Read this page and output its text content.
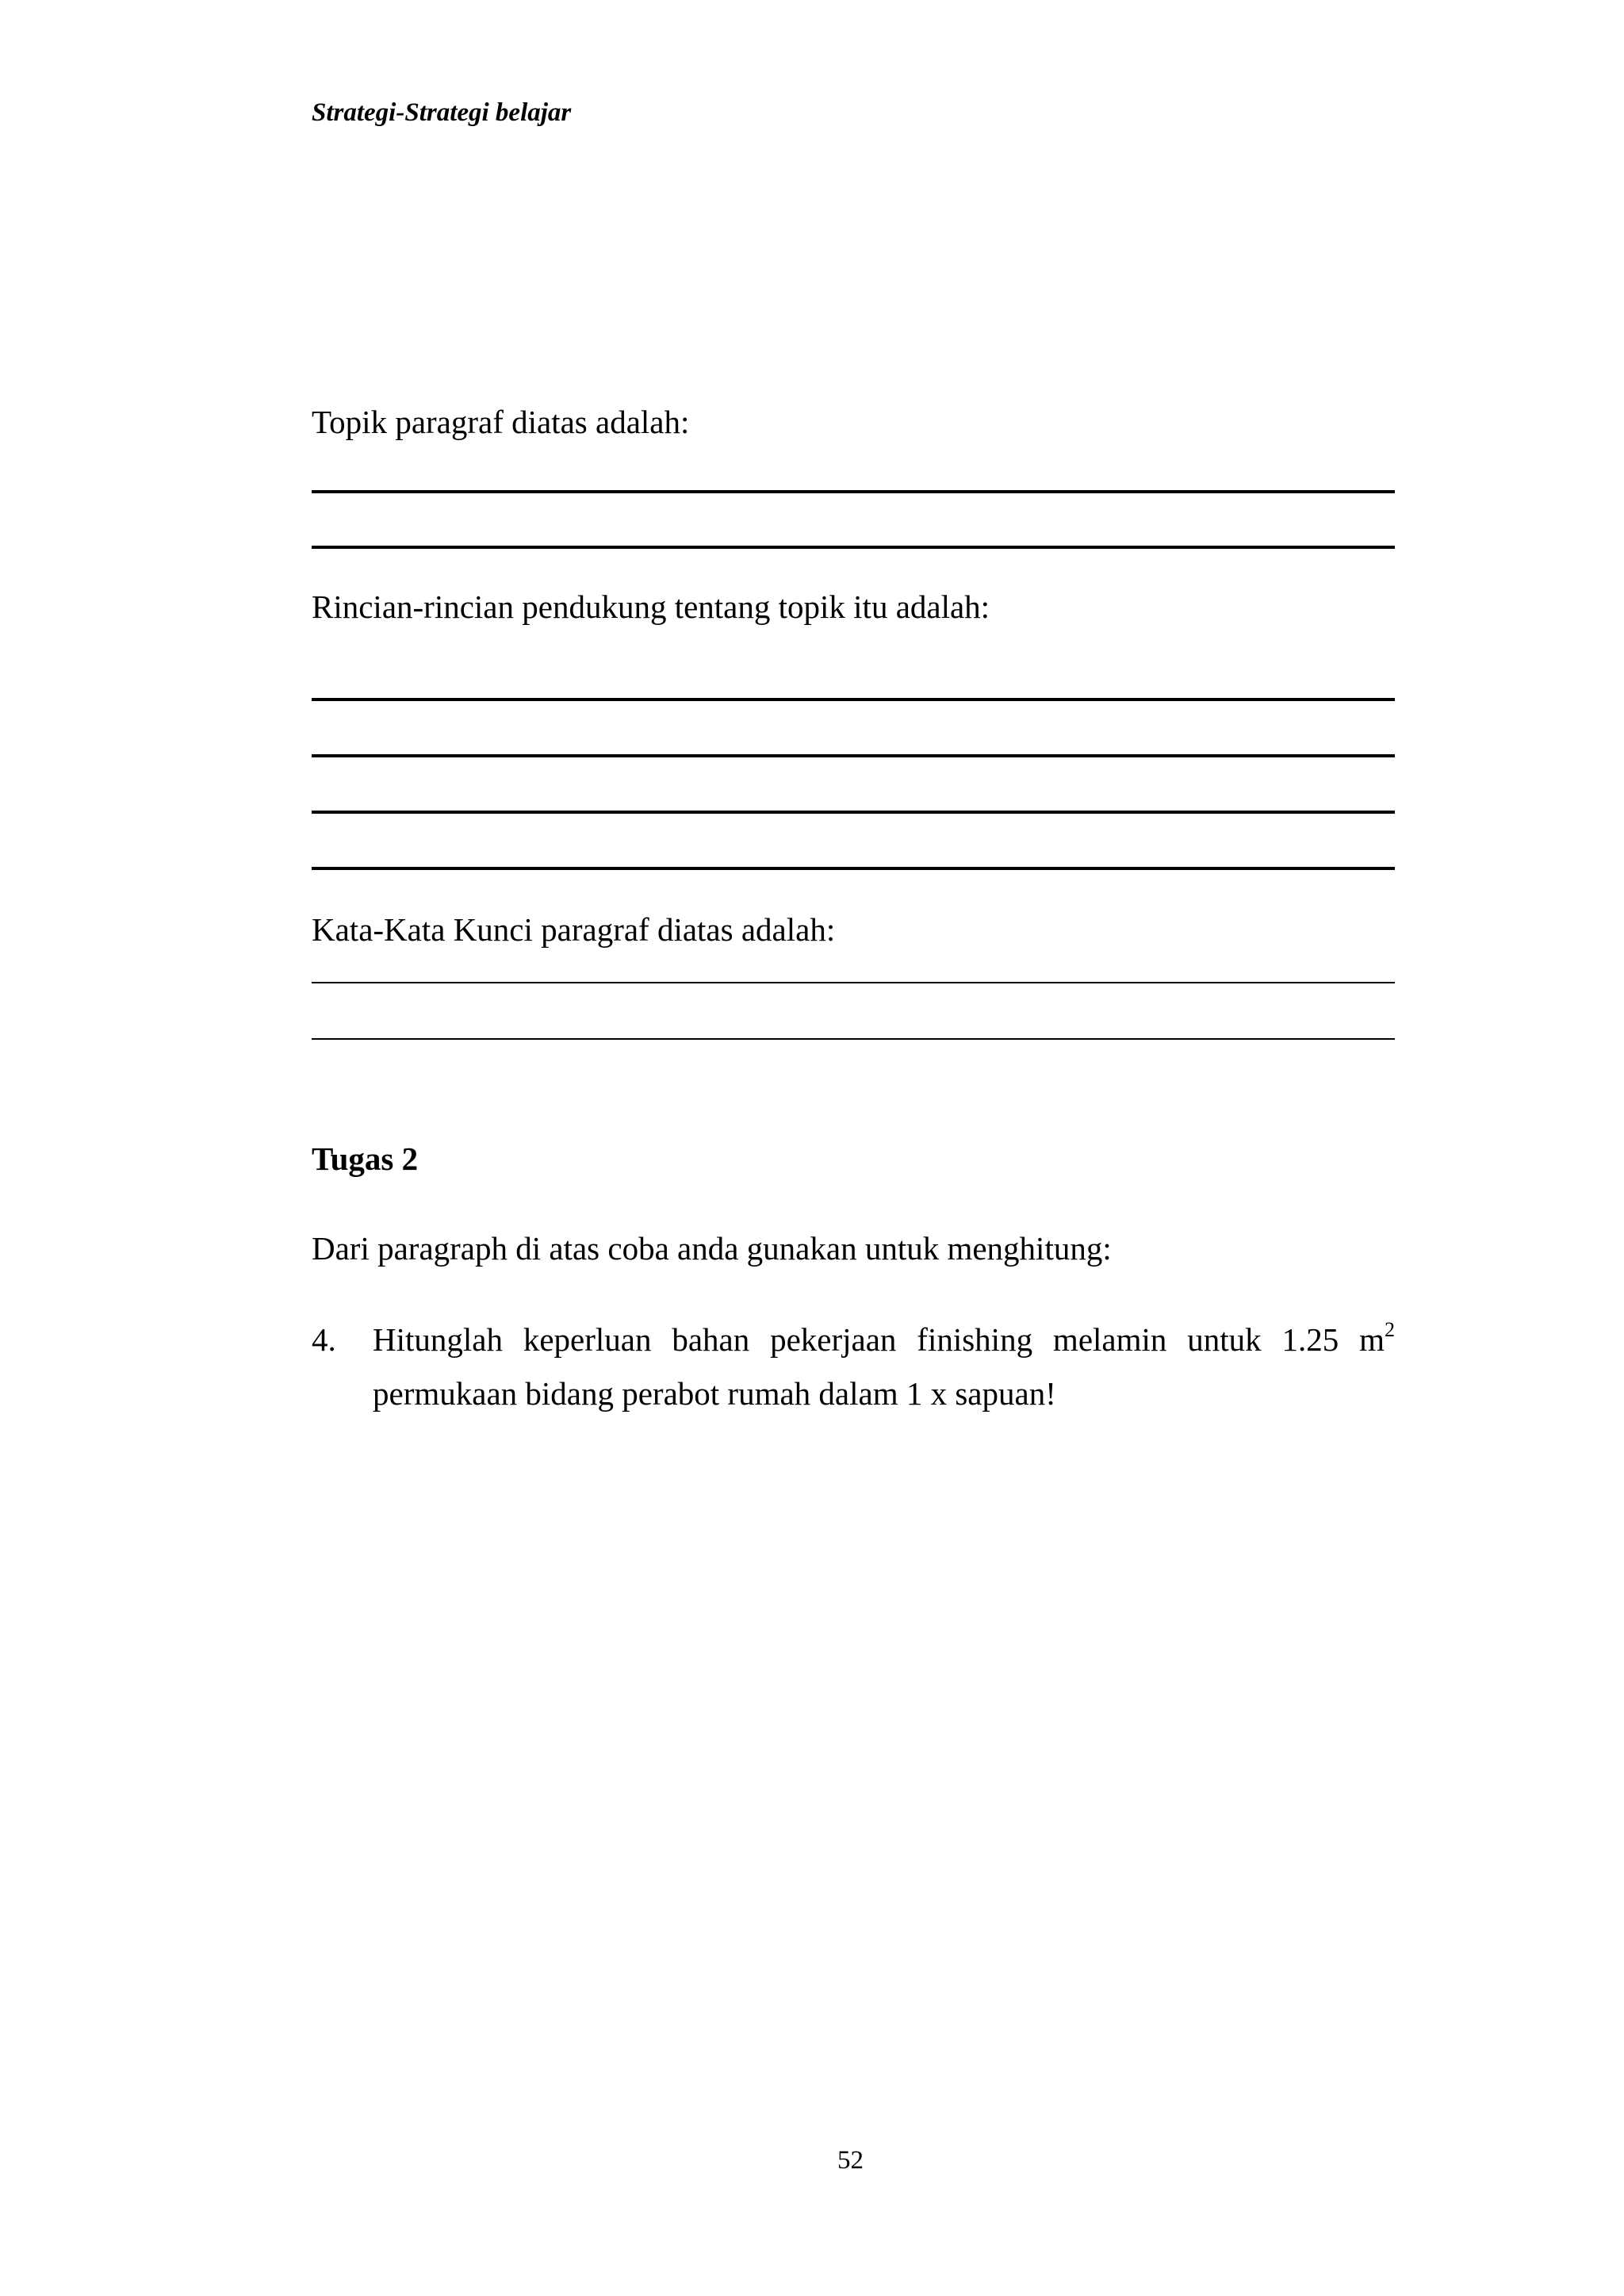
Strategi-Strategi belajar
Topik paragraf diatas adalah:
Rincian-rincian pendukung tentang topik itu adalah:
Kata-Kata Kunci paragraf diatas adalah:
Tugas 2
Dari paragraph di atas coba anda gunakan untuk menghitung:
4. Hitunglah keperluan bahan pekerjaan finishing melamin untuk 1.25 $m^2$
permukaan bidang perabot rumah dalam 1 x sapuan!
52
